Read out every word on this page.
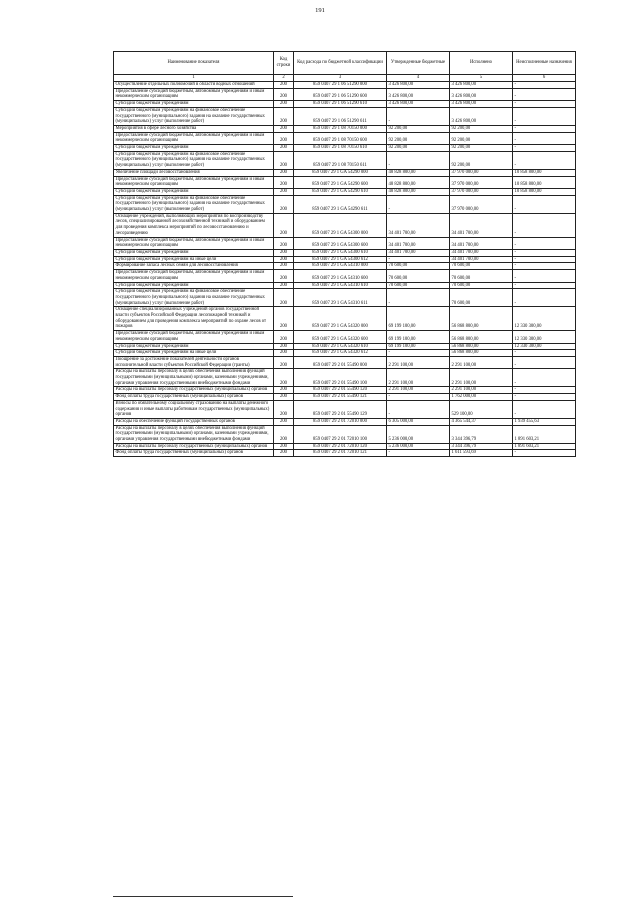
191
Наименование показателя	Код строки	Код расхода по бюджетной классификации	Утвержденные бюджетные	Исполнено	Неисполненные назначения
1	2	3	4	5	6
Осуществление отдельных полномочий в области водных отношений	200	859 0407 29 1 06 51290 000	3 426 800,00	3 426 800,00	-
Предоставление субсидий бюджетным, автономным учреждениям и иным некоммерческим организациям	200	859 0407 29 1 06 51290 600	3 426 800,00	3 426 800,00	-
Субсидии бюджетным учреждениям	200	859 0407 29 1 06 51290 610	3 426 800,00	3 426 800,00	-
Субсидии бюджетным учреждениям на финансовое обеспечение государственного (муниципального) задания на оказание государственных (муниципальных) услуг (выполнение работ)	200	859 0407 29 1 06 51290 611	-	3 426 800,00	-
Мероприятия в сфере лесного хозяйства	200	859 0407 29 1 08 70150 000	92 200,00	92 200,00	-
Предоставление субсидий бюджетным, автономным учреждениям и иным некоммерческим организациям	200	859 0407 29 1 08 70150 600	92 200,00	92 200,00	-
Субсидии бюджетным учреждениям	200	859 0407 29 1 08 70150 610	92 200,00	92 200,00	-
Субсидии бюджетным учреждениям на финансовое обеспечение государственного (муниципального) задания на оказание государственных (муниципальных) услуг (выполнение работ)	200	859 0407 29 1 08 70150 611	-	92 200,00	-
Увеличение площади лесовосстановления	200	859 0407 29 1 GA 54290 000	48 828 800,00	37 970 000,00	10 858 800,00
Предоставление субсидий бюджетным, автономным учреждениям и иным некоммерческим организациям	200	859 0407 29 1 GA 54290 600	48 828 800,00	37 970 000,00	10 858 800,00
Субсидии бюджетным учреждениям	200	859 0407 29 1 GA 54290 610	48 828 800,00	37 970 000,00	10 858 800,00
Субсидии бюджетным учреждениям на финансовое обеспечение государственного (муниципального) задания на оказание государственных (муниципальных) услуг (выполнение работ)	200	859 0407 29 1 GA 54290 611	-	37 970 000,00	-
Оснащение учреждений, выполняющих мероприятия по воспроизводству лесов, специализированной лесохозяйственной техникой и оборудованием для проведения комплекса мероприятий по лесовосстановлению и лесоразведению	200	859 0407 29 1 GA 54300 000	34 401 700,00	34 401 700,00	-
Предоставление субсидий бюджетным, автономным учреждениям и иным некоммерческим организациям	200	859 0407 29 1 GA 54300 600	34 401 700,00	34 401 700,00	-
Субсидии бюджетным учреждениям	200	859 0407 29 1 GA 54300 610	34 401 700,00	34 401 700,00	-
Субсидии бюджетным учреждениям на иные цели	200	859 0407 29 1 GA 54300 612	-	34 401 700,00	-
Формирование запаса лесных семян для лесовосстановления	200	859 0407 29 1 GA 54310 000	70 600,00	70 600,00	-
Предоставление субсидий бюджетным, автономным учреждениям и иным некоммерческим организациям	200	859 0407 29 1 GA 54310 600	70 600,00	70 600,00	-
Субсидии бюджетным учреждениям	200	859 0407 29 1 GA 54310 610	70 600,00	70 600,00	-
Субсидии бюджетным учреждениям на финансовое обеспечение государственного (муниципального) задания на оказание государственных (муниципальных) услуг (выполнение работ)	200	859 0407 29 1 GA 54310 611	-	70 600,00	-
Оснащение специализированных учреждений органов государственной власти субъектов Российской Федерации лесопожарной техникой и оборудованием для проведения комплекса мероприятий по охране лесов от пожаров	200	859 0407 29 1 GA 54320 000	69 199 100,00	56 868 800,00	12 330 300,00
Предоставление субсидий бюджетным, автономным учреждениям и иным некоммерческим организациям	200	859 0407 29 1 GA 54320 600	69 199 100,00	56 868 800,00	12 330 300,00
Субсидии бюджетным учреждениям	200	859 0407 29 1 GA 54320 610	69 199 100,00	56 868 800,00	12 330 300,00
Субсидии бюджетным учреждениям на иные цели	200	859 0407 29 1 GA 54320 612	-	56 868 800,00	-
Поощрение за достижение показателей деятельности органов исполнительной власти субъектов Российской Федерации (гранты)	200	859 0407 29 2 01 55490 000	2 291 100,00	2 291 100,00	-
Расходы на выплаты персоналу в целях обеспечения выполнения функций государственными (муниципальными) органами, казенными учреждениями, органами управления государственными внебюджетными фондами	200	859 0407 29 2 01 55490 100	2 291 100,00	2 291 100,00	-
Расходы на выплаты персоналу государственных (муниципальных) органов	200	859 0407 29 2 01 55490 120	2 291 100,00	2 291 100,00	-
Фонд оплаты труда государственных (муниципальных) органов	200	859 0407 29 2 01 55490 121	-	1 762 000,00	-
Взносы по обязательному социальному страхованию на выплаты денежного содержания и иные выплаты работникам государственных (муниципальных) органов	200	859 0407 29 2 01 55490 129	-	529 100,00	-
Расходы на обеспечение функций государственных органов	200	859 0407 29 2 01 72010 000	6 305 000,00	4 365 544,37	1 939 455,63
Расходы на выплаты персоналу в целях обеспечения выполнения функций государственными (муниципальными) органами, казенными учреждениями, органами управления государственными внебюджетными фондами	200	859 0407 29 2 01 72010 100	5 236 000,00	3 344 396,79	1 891 603,21
Расходы на выплаты персоналу государственных (муниципальных) органов	200	859 0407 29 2 01 72010 120	5 236 000,00	3 344 396,79	1 891 603,21
Фонд оплаты труда государственных (муниципальных) органов	200	859 0407 29 2 01 72010 121	-	1 611 593,69	-
